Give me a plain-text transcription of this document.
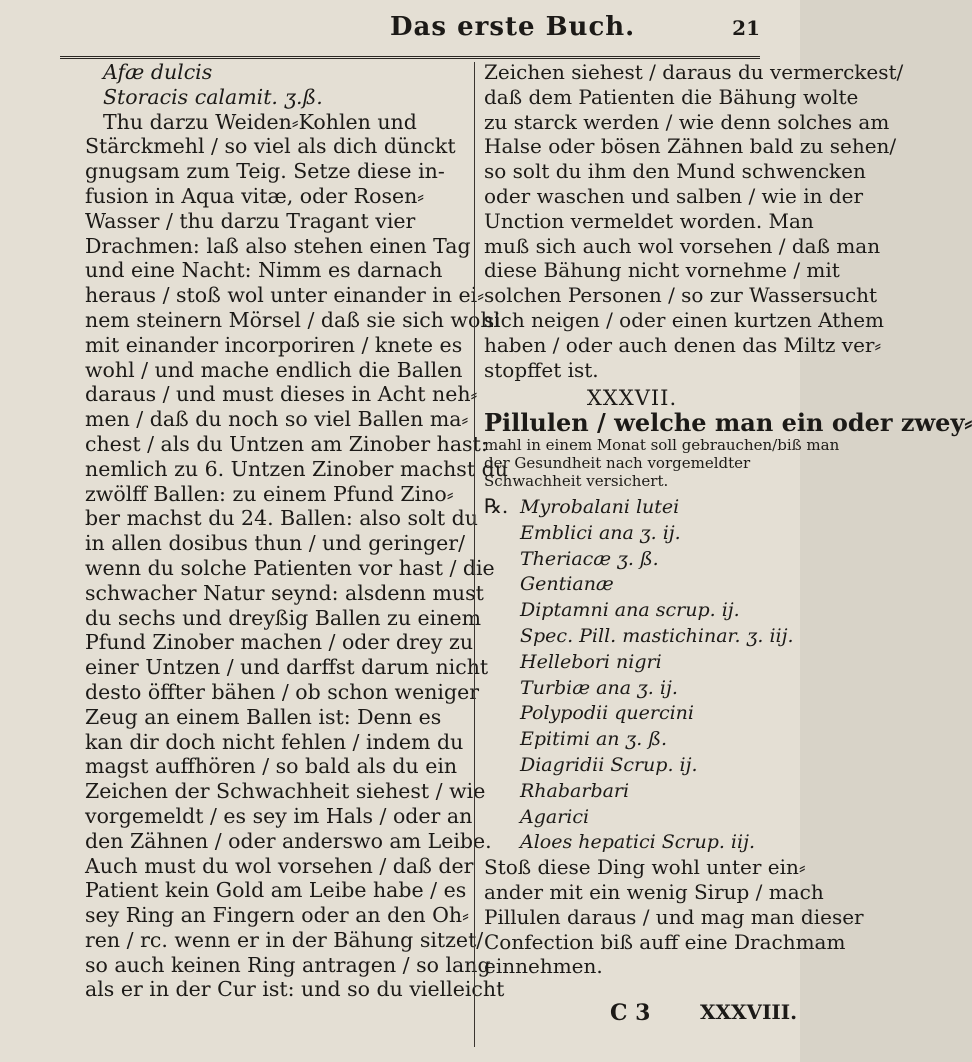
Das erste Buch.	21
Afæ dulcis
Storacis calamit. ʒ.ß.
Thu darzu Weiden⸗Kohlen und
Stärckmehl / so viel als dich dünckt
gnugsam zum Teig. Setze diese in-
fusion in Aqua vitæ, oder Rosen⸗
Wasser / thu darzu Tragant vier
Drachmen: laß also stehen einen Tag
und eine Nacht: Nimm es darnach
heraus / stoß wol unter einander in ei⸗
nem steinern Mörsel / daß sie sich wohl
mit einander incorporiren / knete es
wohl / und mache endlich die Ballen
daraus / und must dieses in Acht neh⸗
men / daß du noch so viel Ballen ma⸗
chest / als du Untzen am Zinober hast:
nemlich zu 6. Untzen Zinober machst du
zwölff Ballen: zu einem Pfund Zino⸗
ber machst du 24. Ballen: also solt du
in allen dosibus thun / und geringer/
wenn du solche Patienten vor hast / die
schwacher Natur seynd: alsdenn must
du sechs und dreyßig Ballen zu einem
Pfund Zinober machen / oder drey zu
einer Untzen / und darffst darum nicht
desto öffter bähen / ob schon weniger
Zeug an einem Ballen ist: Denn es
kan dir doch nicht fehlen / indem du
magst auffhören / so bald als du ein
Zeichen der Schwachheit siehest / wie
vorgemeldt / es sey im Hals / oder an
den Zähnen / oder anderswo am Leibe.
Auch must du wol vorsehen / daß der
Patient kein Gold am Leibe habe / es
sey Ring an Fingern oder an den Oh⸗
ren / rc. wenn er in der Bähung sitzet/
so auch keinen Ring antragen / so lang
als er in der Cur ist: und so du vielleicht
Zeichen siehest / daraus du vermerckest/
daß dem Patienten die Bähung wolte
zu starck werden / wie denn solches am
Halse oder bösen Zähnen bald zu sehen/
so solt du ihm den Mund schwencken
oder waschen und salben / wie in der
Unction vermeldet worden. Man
muß sich auch wol vorsehen / daß man
diese Bähung nicht vornehme / mit
solchen Personen / so zur Wassersucht
sich neigen / oder einen kurtzen Athem
haben / oder auch denen das Miltz ver⸗
stopffet ist.
XXXVII.
Pillulen / welche man ein oder zwey⸗
mahl in einem Monat soll gebrauchen/biß man
der Gesundheit nach vorgemeldter
Schwachheit versichert.
℞. Myrobalani lutei
Emblici ana ʒ. ij.
Theriacæ ʒ. ß.
Gentianæ
Diptamni ana scrup. ij.
Spec. Pill. mastichinar. ʒ. iij.
Hellebori nigri
Turbiæ ana ʒ. ij.
Polypodii quercini
Epitimi an ʒ. ß.
Diagridii Scrup. ij.
Rhabarbari
Agarici
Aloes hepatici Scrup. iij.
Stoß diese Ding wohl unter ein⸗
ander mit ein wenig Sirup / mach
Pillulen daraus / und mag man dieser
Confection biß auff eine Drachmam
einnehmen.
C 3 XXXVIII.
